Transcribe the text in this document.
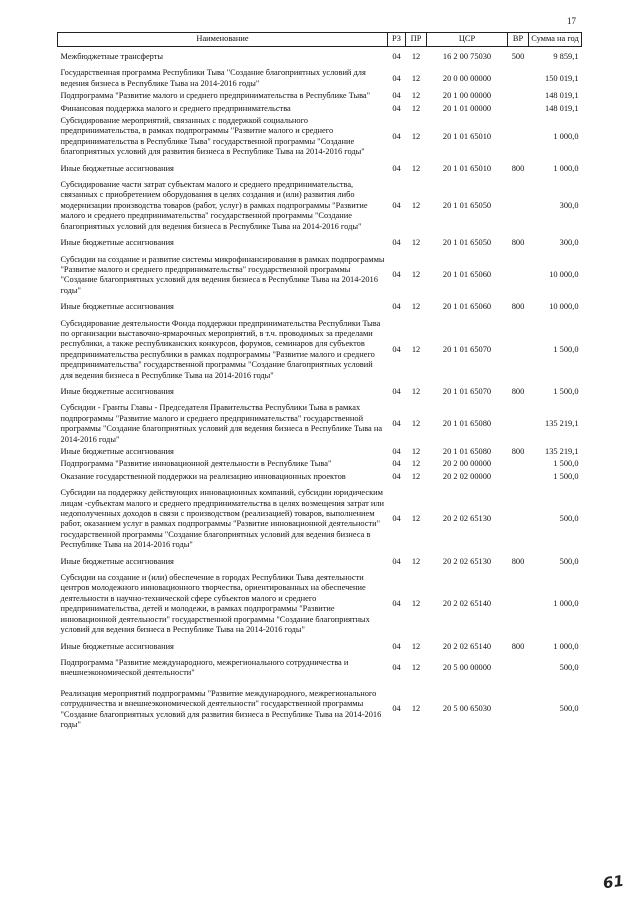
17
Наименование	РЗ	ПР	ЦСР	ВР	Сумма на год
Межбюджетные трансферты	04	12	16 2 00 75030	500	9 859,1
Государственная программа Республики Тыва "Создание благоприятных условий для ведения бизнеса в Республике Тыва на 2014-2016 годы"	04	12	20 0 00 00000		150 019,1
Подпрограмма "Развитие малого и среднего предпринимательства в Республике Тыва"	04	12	20 1 00 00000		148 019,1
Финансовая поддержка малого и среднего предпринимательства	04	12	20 1 01 00000		148 019,1
Субсидирование мероприятий, связанных с поддержкой социального предпринимательства, в рамках подпрограммы "Развитие малого и среднего предпринимательства в Республике Тыва" государственной программы "Создание благоприятных условий для развития бизнеса в Республике Тыва на 2014-2016 годы"	04	12	20 1 01 65010		1 000,0
Иные бюджетные ассигнования	04	12	20 1 01 65010	800	1 000,0
Субсидирование части затрат субъектам малого и среднего предпринимательства, связанных с приобретением оборудования в целях создания и (или) развития либо модернизации производства товаров (работ, услуг) в рамках подпрограммы "Развитие малого и среднего предпринимательства" государственной программы "Создание благоприятных условий для ведения бизнеса в Республике Тыва на 2014-2016 годы"	04	12	20 1 01 65050		300,0
Иные бюджетные ассигнования	04	12	20 1 01 65050	800	300,0
Субсидии на создание и развитие системы микрофинансирования в рамках подпрограммы "Развитие малого и среднего предпринимательства" государственной программы "Создание благоприятных условий для ведения бизнеса в Республике Тыва на 2014-2016 годы"	04	12	20 1 01 65060		10 000,0
Иные бюджетные ассигнования	04	12	20 1 01 65060	800	10 000,0
Субсидирование деятельности Фонда поддержки предпринимательства Республики Тыва по организации выставочно-ярмарочных мероприятий, в т.ч. проводимых за пределами республики, а также республиканских конкурсов, форумов, семинаров для субъектов предпринимательства республики в рамках подпрограммы "Развитие малого и среднего предпринимательства" государственной программы "Создание благоприятных условий для ведения бизнеса в Республике Тыва на 2014-2016 годы"	04	12	20 1 01 65070		1 500,0
Иные бюджетные ассигнования	04	12	20 1 01 65070	800	1 500,0
Субсидии - Гранты Главы - Председателя Правительства Республики Тыва в рамках подпрограммы "Развитие малого и среднего предпринимательства" государственной программы "Создание благоприятных условий для ведения бизнеса в Республике Тыва на 2014-2016 годы"	04	12	20 1 01 65080		135 219,1
Иные бюджетные ассигнования	04	12	20 1 01 65080	800	135 219,1
Подпрограмма "Развитие инновационной деятельности в Республике Тыва"	04	12	20 2 00 00000		1 500,0
Оказание государственной поддержки на реализацию инновационных проектов	04	12	20 2 02 00000		1 500,0
Субсидии на поддержку действующих инновационных компаний, субсидии юридическим лицам -субъектам малого и среднего предпринимательства в целях возмещения затрат или недополученных доходов в связи с производством (реализацией) товаров, выполнением работ, оказанием услуг в рамках подпрограммы "Развитие инновационной деятельности" государственной программы "Создание благоприятных условий для ведения бизнеса в Республике Тыва на 2014-2016 годы"	04	12	20 2 02 65130		500,0
Иные бюджетные ассигнования	04	12	20 2 02 65130	800	500,0
Субсидии на создание и (или) обеспечение в городах Республики Тыва деятельности центров молодежного инновационного творчества, ориентированных на обеспечение деятельности в научно-технической сфере субъектов малого и среднего предпринимательства, детей и молодежи, в рамках подпрограммы "Развитие инновационной деятельности" государственной программы "Создание благоприятных условий для ведения бизнеса в Республике Тыва на 2014-2016 годы"	04	12	20 2 02 65140		1 000,0
Иные бюджетные ассигнования	04	12	20 2 02 65140	800	1 000,0
Подпрограмма "Развитие международного, межрегионального сотрудничества и внешнеэкономической деятельности"	04	12	20 5 00 00000		500,0
Реализация мероприятий подпрограммы "Развитие международного, межрегионального сотрудничества и внешнеэкономической деятельности" государственной программы "Создание благоприятных условий для развития бизнеса в Республике Тыва на 2014-2016 годы"	04	12	20 5 00 65030		500,0
61
